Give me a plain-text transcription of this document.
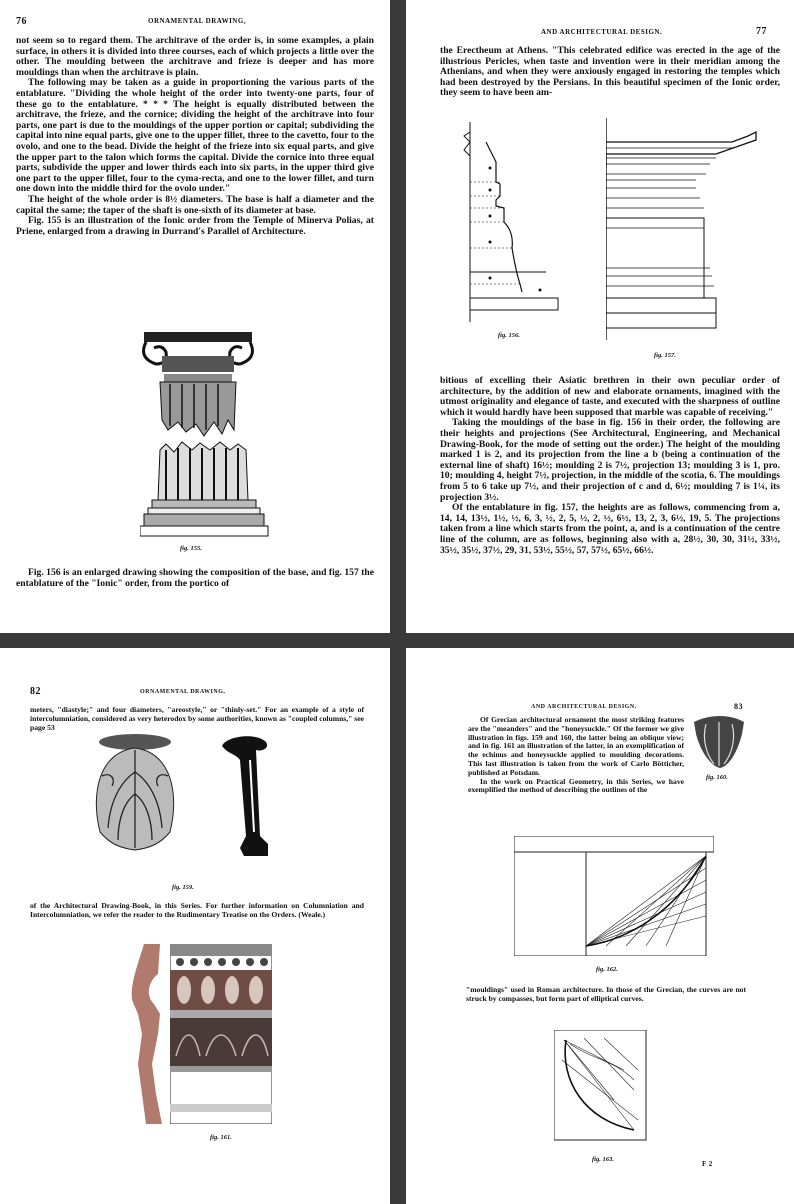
76	ORNAMENTAL DRAWING,

not seem so to regard them. The architrave of the order is, in some examples, a plain surface, in others it is divided into three courses, each of which projects a little over the other. The moulding between the architrave and frieze is deeper and has more mouldings than when the architrave is plain.

The following may be taken as a guide in proportioning the various parts of the entablature. "Dividing the whole height of the order into twenty-one parts, four of these go to the entablature. * * * The height is equally distributed between the architrave, the frieze, and the cornice; dividing the height of the architrave into four parts, one part is due to the mouldings of the upper portion or capital; subdividing the capital into nine equal parts, give one to the upper fillet, three to the cavetto, four to the ovolo, and one to the bead. Divide the height of the frieze into six equal parts, and give the upper part to the talon which forms the capital. Divide the cornice into three equal parts, subdivide the upper and lower thirds each into six parts, in the upper third give one part to the upper fillet, four to the cyma-recta, and one to the lower fillet, and turn one down into the middle third for the ovolo under."

The height of the whole order is 8½ diameters. The base is half a diameter and the capital the same; the taper of the shaft is one-sixth of its diameter at base.

Fig. 155 is an illustration of the Ionic order from the Temple of Minerva Polias, at Priene, enlarged from a drawing in Durrand's Parallel of Architecture.

fig. 155.

Fig. 156 is an enlarged drawing showing the composition of the base, and fig. 157 the entablature of the "Ionic" order, from the portico of

AND ARCHITECTURAL DESIGN.	77

the Erectheum at Athens. "This celebrated edifice was erected in the age of the illustrious Pericles, when taste and invention were in their meridian among the Athenians, and when they were anxiously engaged in restoring the temples which had been destroyed by the Persians. In this beautiful specimen of the Ionic order, they seem to have been am-

fig. 156.
fig. 157.

bitious of excelling their Asiatic brethren in their own peculiar order of architecture, by the addition of new and elaborate ornaments, imagined with the utmost originality and elegance of taste, and executed with the sharpness of outline which it would hardly have been supposed that marble was capable of receiving."

Taking the mouldings of the base in fig. 156 in their order, the following are their heights and projections (See Architectural, Engineering, and Mechanical Drawing-Book, for the mode of setting out the order.) The height of the moulding marked 1 is 2, and its projection from the line a b (being a continuation of the external line of shaft) 16½; moulding 2 is 7½, projection 13; moulding 3 is 1, pro. 10; moulding 4, height 7½, projection, in the middle of the scotia, 6. The mouldings from 5 to 6 take up 7½, and their projection of c and d, 6½; moulding 7 is 1¼, its projection 3½.

Of the entablature in fig. 157, the heights are as follows, commencing from a, 14, 14, 13½, 1½, ½, 6, 3, ½, 2, 5, ½, 2, ½, 6½, 13, 2, 3, 6½, 19, 5. The projections taken from a line which starts from the point, a, and is a continuation of the centre line of the column, are as follows, beginning also with a, 28½, 30, 30, 31½, 33½, 35½, 35½, 37½, 29, 31, 53½, 55½, 57, 57½, 65½, 66½.

82	ORNAMENTAL DRAWING,

meters, "diastyle;" and four diameters, "areostyle," or "thinly-set." For an example of a style of intercolumniation, considered as very heterodox by some authorities, known as "coupled columns," see page 53

fig. 159.

of the Architectural Drawing-Book, in this Series. For further information on Columniation and Intercolumniation, we refer the reader to the Rudimentary Treatise on the Orders. (Weale.)

fig. 161.
AND ARCHITECTURAL DESIGN.	83

Of Grecian architectural ornament the most striking features are the "meanders" and the "honeysuckle." Of the former we give illustration in figs. 159 and 160, the latter being an oblique view; and in fig. 161 an illustration of the latter, in an exemplification of the echinus and honeysuckle applied to moulding decorations. This last illustration is taken from the work of Carlo Bötticher, published at Potsdam.

In the work on Practical Geometry, in this Series, we have exemplified the method of describing the outlines of the

fig. 160.
fig. 162.

"mouldings" used in Roman architecture. In those of the Grecian, the curves are not struck by compasses, but form part of elliptical curves.

fig. 163.
F 2
